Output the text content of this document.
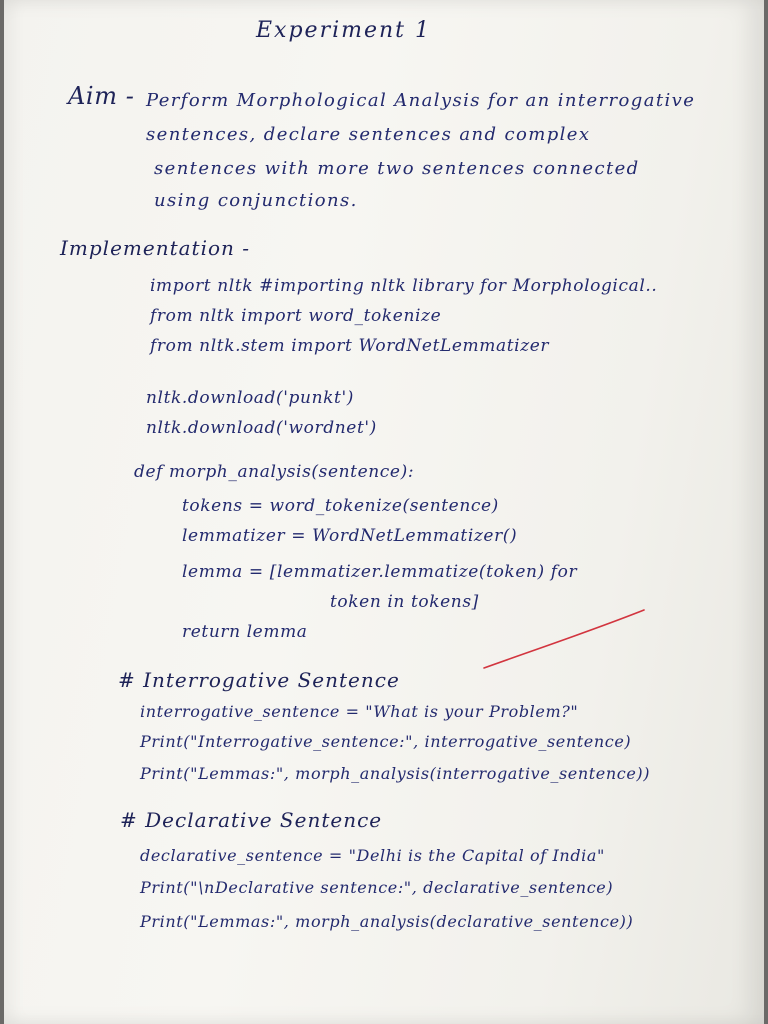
Experiment 1
Aim - Perform Morphological Analysis for an interrogative
sentences, declare sentences and complex
sentences with more two sentences connected
using conjunctions.
Implementation -
import nltk #importing nltk library for Morphological..
from nltk import word_tokenize
from nltk.stem import WordNetLemmatizer
nltk.download('punkt')
nltk.download('wordnet')
def morph_analysis(sentence):
tokens = word_tokenize(sentence)
lemmatizer = WordNetLemmatizer()
lemma = [lemmatizer.lemmatize(token) for
token in tokens]
return lemma
# Interrogative Sentence
interrogative_sentence = "What is your Problem?"
Print("Interrogative_sentence:", interrogative_sentence)
Print("Lemmas:", morph_analysis(interrogative_sentence))
# Declarative Sentence
declarative_sentence = "Delhi is the Capital of India"
Print("\nDeclarative sentence:", declarative_sentence)
Print("Lemmas:", morph_analysis(declarative_sentence))
